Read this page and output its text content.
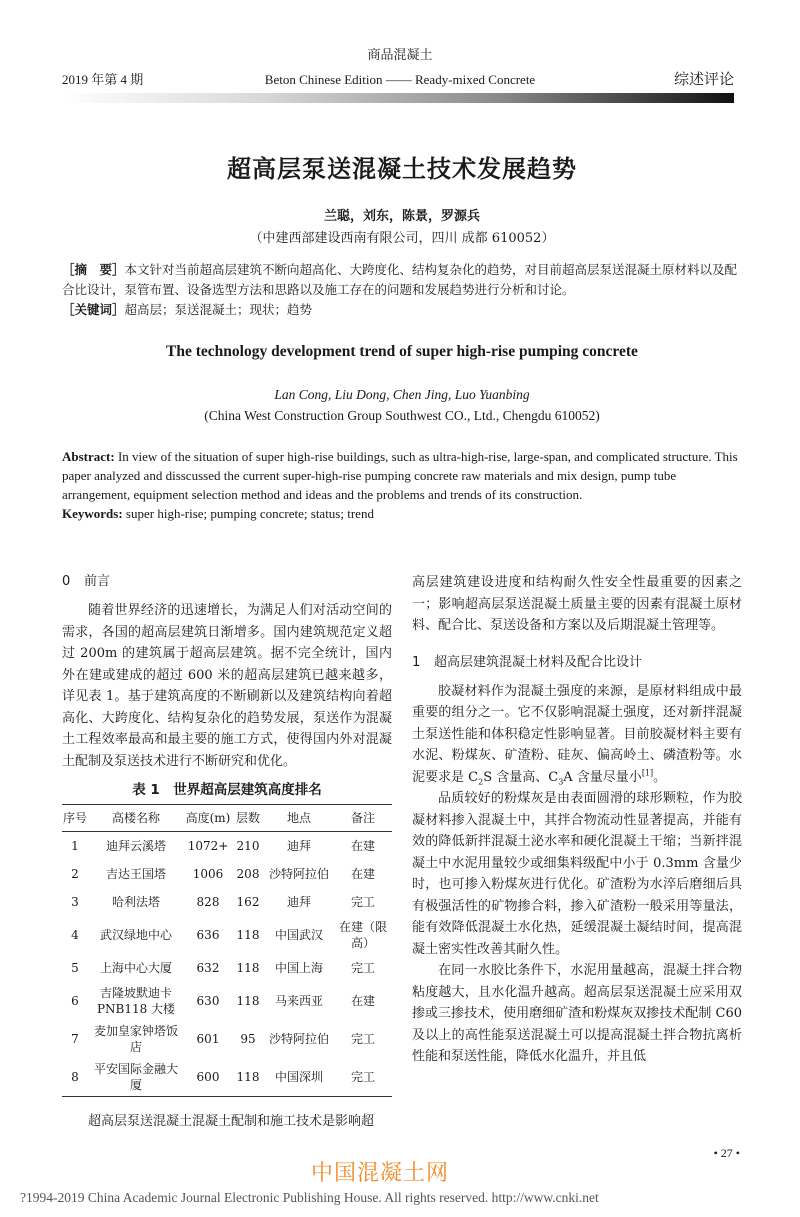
商品混凝土
2019 年第 4 期	Beton Chinese Edition —— Ready-mixed Concrete	综述评论
超高层泵送混凝土技术发展趋势
兰聪，刘东，陈景，罗源兵
（中建西部建设西南有限公司，四川 成都 610052）
［摘　要］本文针对当前超高层建筑不断向超高化、大跨度化、结构复杂化的趋势，对目前超高层泵送混凝土原材料以及配合比设计，泵管布置、设备选型方法和思路以及施工存在的问题和发展趋势进行分析和讨论。
［关键词］超高层；泵送混凝土；现状；趋势
The technology development trend of super high-rise pumping concrete
Lan Cong, Liu Dong, Chen Jing, Luo Yuanbing
(China West Construction Group Southwest CO., Ltd., Chengdu 610052)
Abstract: In view of the situation of super high-rise buildings, such as ultra-high-rise, large-span, and complicated structure. This paper analyzed and disscussed the current super-high-rise pumping concrete raw materials and mix design, pump tube arrangement, equipment selection method and ideas and the problems and trends of its construction.
Keywords: super high-rise; pumping concrete; status; trend
0 前言

随着世界经济的迅速增长，为满足人们对活动空间的需求，各国的超高层建筑日渐增多。国内建筑规范定义超过 200m 的建筑属于超高层建筑。据不完全统计，国内外在建或建成的超过 600 米的超高层建筑已越来越多，详见表 1。基于建筑高度的不断刷新以及建筑结构向着超高化、大跨度化、结构复杂化的趋势发展，泵送作为混凝土工程效率最高和最主要的施工方式，使得国内外对混凝土配制及泵送技术进行不断研究和优化。

表 1　世界超高层建筑高度排名
序号	高楼名称	高度(m)	层数	地点	备注
1	迪拜云溪塔	1072+	210	迪拜	在建
2	吉达王国塔	1006	208	沙特阿拉伯	在建
3	哈利法塔	828	162	迪拜	完工
4	武汉绿地中心	636	118	中国武汉	在建（限高）
5	上海中心大厦	632	118	中国上海	完工
6	吉隆坡默迪卡 PNB118 大楼	630	118	马来西亚	在建
7	麦加皇家钟塔饭店	601	95	沙特阿拉伯	完工
8	平安国际金融大厦	600	118	中国深圳	完工

超高层泵送混凝土混凝土配制和施工技术是影响超

高层建筑建设进度和结构耐久性安全性最重要的因素之一；影响超高层泵送混凝土质量主要的因素有混凝土原材料、配合比、泵送设备和方案以及后期混凝土管理等。

1 超高层建筑混凝土材料及配合比设计

胶凝材料作为混凝土强度的来源，是原材料组成中最重要的组分之一。它不仅影响混凝土强度，还对新拌混凝土泵送性能和体积稳定性影响显著。目前胶凝材料主要有水泥、粉煤灰、矿渣粉、硅灰、偏高岭土、磷渣粉等。水泥要求是 $C_2S$ 含量高、$C_3A$ 含量尽量小[1]。

品质较好的粉煤灰是由表面圆滑的球形颗粒，作为胶凝材料掺入混凝土中，其拌合物流动性显著提高，并能有效的降低新拌混凝土泌水率和硬化混凝土干缩；当新拌混凝土中水泥用量较少或细集料级配中小于 0.3mm 含量少时，也可掺入粉煤灰进行优化。矿渣粉为水淬后磨细后具有极强活性的矿物掺合料，掺入矿渣粉一般采用等量法，能有效降低混凝土水化热，延缓混凝土凝结时间，提高混凝土密实性改善其耐久性。

在同一水胶比条件下，水泥用量越高，混凝土拌合物粘度越大，且水化温升越高。超高层泵送混凝土应采用双掺或三掺技术，使用磨细矿渣和粉煤灰双掺技术配制 C60 及以上的高性能泵送混凝土可以提高混凝土拌合物抗离析性能和泵送性能，降低水化温升，并且低

• 27 •
中国混凝土网
?1994-2019 China Academic Journal Electronic Publishing House. All rights reserved. http://www.cnki.net
